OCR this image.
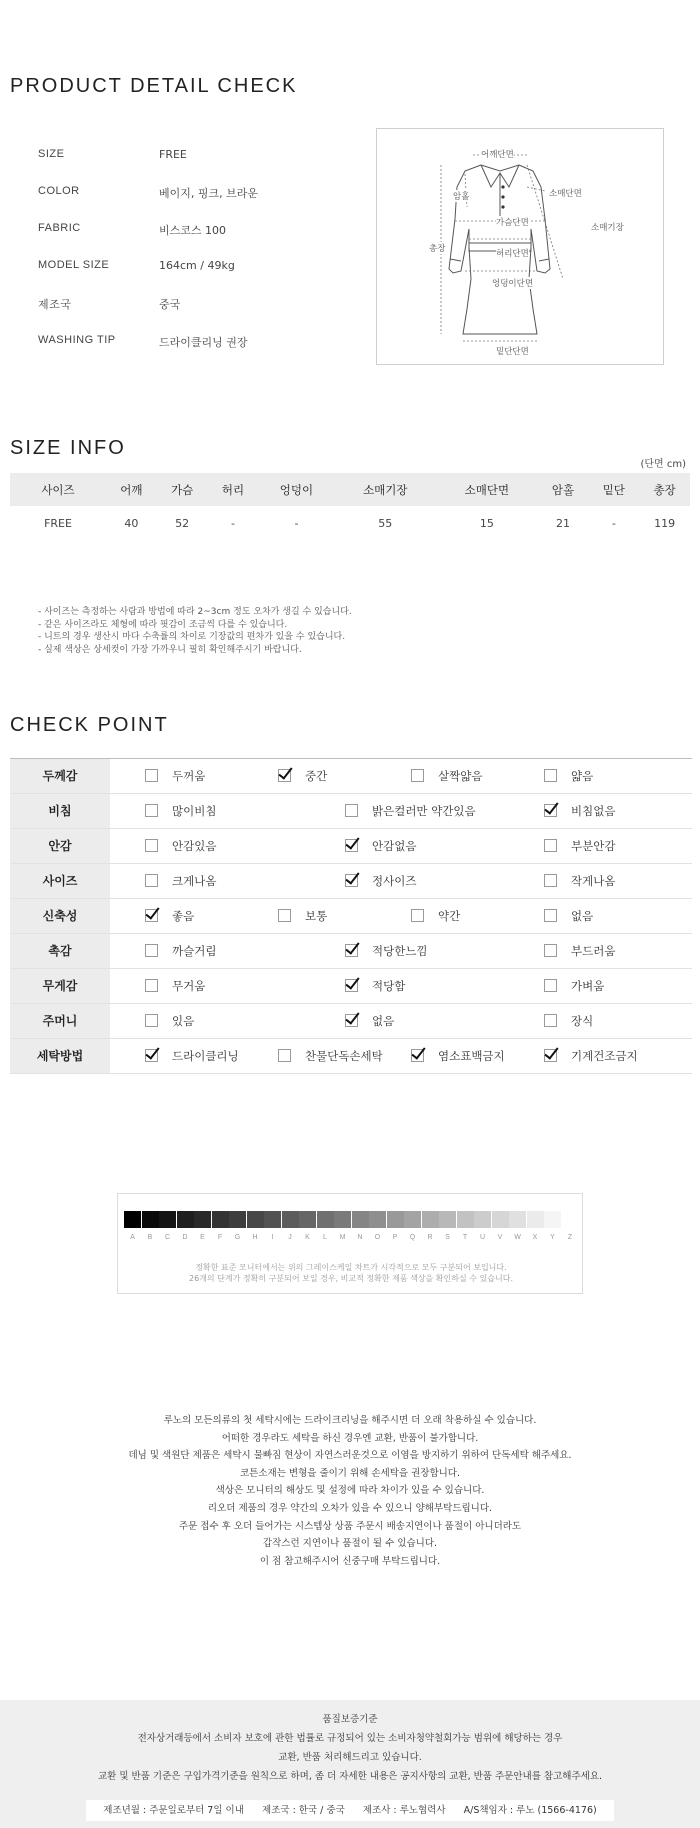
PRODUCT DETAIL CHECK
SIZE	FREE
COLOR	베이지, 핑크, 브라운
FABRIC	비스코스 100
MODEL SIZE	164cm / 49kg
제조국	중국
WASHING TIP	드라이클리닝 권장
어깨단면
암홀	소매단면
가슴단면	소매기장
총장	허리단면
엉덩이단면
밑단단면
SIZE INFO
(단면 cm)
사이즈	어깨	가슴	허리	엉덩이	소매기장	소매단면	암홀	밑단	총장
FREE	40	52	-	-	55	15	21	-	119
- 사이즈는 측정하는 사람과 방법에 따라 2~3cm 정도 오차가 생길 수 있습니다.
- 같은 사이즈라도 체형에 따라 핏감이 조금씩 다를 수 있습니다.
- 니트의 경우 생산시 마다 수축률의 차이로 기장값의 편차가 있을 수 있습니다.
- 실제 색상은 상세컷이 가장 가까우니 필히 확인해주시기 바랍니다.
CHECK POINT
두께감	두꺼움	중간	살짝얇음	얇음
비침	많이비침	밝은컬러만 약간있음	비침없음
안감	안감있음	안감없음	부분안감
사이즈	크게나옴	정사이즈	작게나옴
신축성	좋음	보통	약간	없음
촉감	까슬거림	적당한느낌	부드러움
무게감	무거움	적당함	가벼움
주머니	있음	없음	장식
세탁방법	드라이클리닝	찬물단독손세탁	염소표백금지	기계건조금지
A	B	C	D	E	F	G	H	I	J	K	L	M	N	O	P	Q	R	S	T	U	V	W	X	Y	Z
정확한 표준 모니터에서는 위의 그레이스케일 차트가 시각적으로 모두 구분되어 보입니다.
26개의 단계가 정확히 구분되어 보일 경우, 비교적 정확한 제품 색상을 확인하실 수 있습니다.
루노의 모든의류의 첫 세탁시에는 드라이크리닝을 해주시면 더 오래 착용하실 수 있습니다.
어떠한 경우라도 세탁을 하신 경우엔 교환, 반품이 불가합니다.
데님 및 색원단 제품은 세탁시 물빠짐 현상이 자연스러운것으로 이염을 방지하기 위하여 단독세탁 해주세요.
코튼소재는 변형을 줄이기 위해 손세탁을 권장합니다.
색상은 모니터의 해상도 및 설정에 따라 차이가 있을 수 있습니다.
리오더 제품의 경우 약간의 오차가 있을 수 있으니 양해부탁드립니다.
주문 접수 후 오더 들어가는 시스템상 상품 주문시 배송지연이나 품절이 아니더라도
갑작스런 지연이나 품절이 될 수 있습니다.
이 점 참고해주시어 신중구매 부탁드립니다.
품질보증기준
전자상거래등에서 소비자 보호에 관한 법률로 규정되어 있는 소비자청약철회가능 범위에 해당하는 경우
교환, 반품 처리해드리고 있습니다.
교환 및 반품 기준은 구입가격기준을 원칙으로 하며, 좀 더 자세한 내용은 공지사항의 교환, 반품 주문안내를 참고해주세요.
제조년월 : 주문일로부터 7일 이내      제조국 : 한국 / 중국      제조사 : 루노협력사      A/S책임자 : 루노 (1566-4176)
